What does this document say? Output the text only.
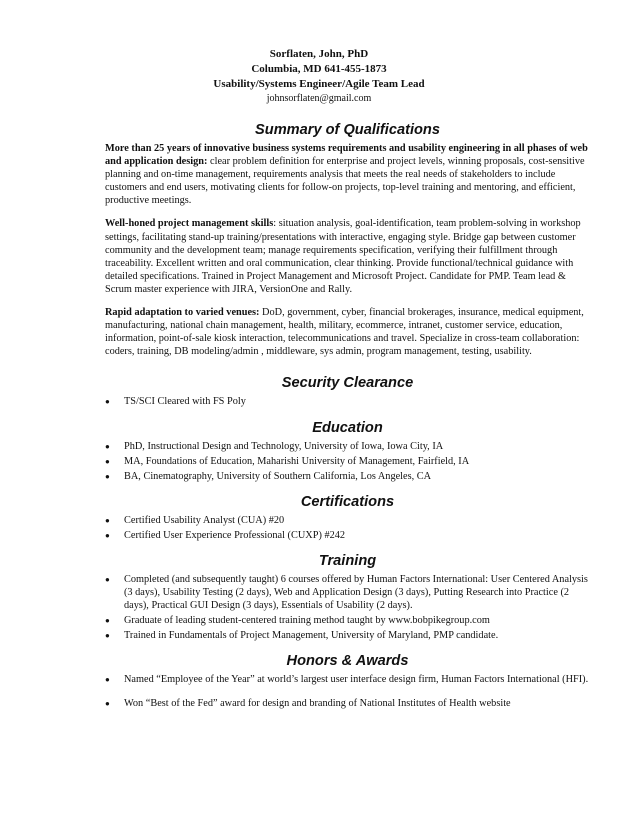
Sorflaten, John, PhD
Columbia, MD 641-455-1873
Usability/Systems Engineer/Agile Team Lead
johnsorflaten@gmail.com
Summary of Qualifications

More than 25 years of innovative business systems requirements and usability engineering in all phases of web and application design: clear problem definition for enterprise and project levels, winning proposals, cost-sensitive planning and on-time management, requirements analysis that meets the real needs of stakeholders to include customers and end users, motivating clients for follow-on projects, top-level training and mentoring, and efficient, productive meetings.

Well-honed project management skills: situation analysis, goal-identification, team problem-solving in workshop settings, facilitating stand-up training/presentations with interactive, engaging style. Bridge gap between customer community and the development team; manage requirements specification, verifying their fulfillment through traceability. Excellent written and oral communication, clear thinking. Provide functional/technical guidance with detailed specifications. Trained in Project Management and Microsoft Project. Candidate for PMP. Team lead & Scrum master experience with JIRA, VersionOne and Rally.

Rapid adaptation to varied venues: DoD, government, cyber, financial brokerages, insurance, medical equipment, manufacturing, national chain management, health, military, ecommerce, intranet, customer service, education, information, point-of-sale kiosk interaction, telecommunications and travel. Specialize in cross-team collaboration: coders, training, DB modeling/admin , middleware, sys admin, program management, testing, usability.

Security Clearance
●	TS/SCI Cleared with FS Poly
Education
●	PhD, Instructional Design and Technology, University of Iowa, Iowa City, IA
●	MA, Foundations of Education, Maharishi University of Management, Fairfield, IA
●	BA, Cinematography, University of Southern California, Los Angeles, CA
Certifications
●	Certified Usability Analyst (CUA) #20
●	Certified User Experience Professional (CUXP) #242
Training
●	Completed (and subsequently taught) 6 courses offered by Human Factors International: User Centered Analysis (3 days), Usability Testing (2 days), Web and Application Design (3 days), Putting Research into Practice (2 days), Practical GUI Design (3 days), Essentials of Usability (2 days).
●	Graduate of leading student-centered training method taught by www.bobpikegroup.com
●	Trained in Fundamentals of Project Management, University of Maryland, PMP candidate.
Honors & Awards
●	Named “Employee of the Year” at world’s largest user interface design firm, Human Factors International (HFI).
●	Won “Best of the Fed” award for design and branding of National Institutes of Health website
